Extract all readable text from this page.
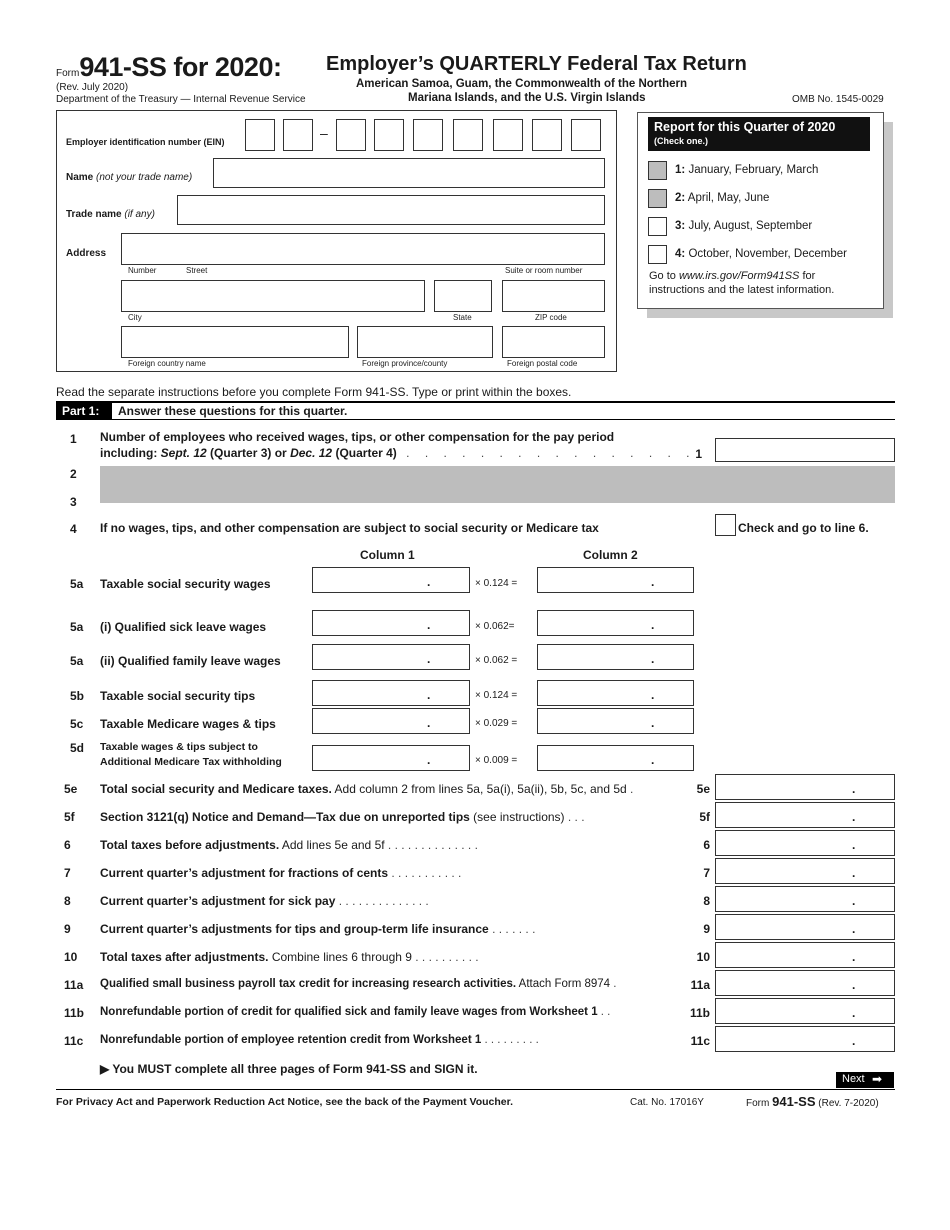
Form941-SS for 2020:
(Rev. July 2020)
Department of the Treasury — Internal Revenue Service
Employer’s QUARTERLY Federal Tax Return
American Samoa, Guam, the Commonwealth of the Northern
Mariana Islands, and the U.S. Virgin Islands	OMB No. 1545-0029
Employer identification number (EIN)
–
Name (not your trade name)
Trade name (if any)
Address
Number	Street	Suite or room number
City	State	ZIP code
Foreign country name	Foreign province/county	Foreign postal code
Report for this Quarter of 2020
(Check one.)
1: January, February, March
2: April, May, June
3: July, August, September
4: October, November, December
Go to www.irs.gov/Form941SS for
instructions and the latest information.
Read the separate instructions before you complete Form 941-SS. Type or print within the boxes.
Part 1: Answer these questions for this quarter.
1 Number of employees who received wages, tips, or other compensation for the pay period
including: Sept. 12 (Quarter 3) or Dec. 12 (Quarter 4) . . . . . . . . . . . . . . . . 1
2
3
4 If no wages, tips, and other compensation are subject to social security or Medicare tax	Check and go to line 6.
Column 1	Column 2
5a Taxable social security wages	.	× 0.124 =	.
5a (i) Qualified sick leave wages	.	× 0.062=	.
5a (ii) Qualified family leave wages	.	× 0.062 =	.
5b Taxable social security tips	.	× 0.124 =	.
5c Taxable Medicare wages & tips	.	× 0.029 =	.
5d Taxable wages & tips subject to
Additional Medicare Tax withholding	.	× 0.009 =	.
5e Total social security and Medicare taxes. Add column 2 from lines 5a, 5a(i), 5a(ii), 5b, 5c, and 5d .	5e	.
5f Section 3121(q) Notice and Demand—Tax due on unreported tips (see instructions) . . .	5f	.
6 Total taxes before adjustments. Add lines 5e and 5f . . . . . . . . . . . . . .	6	.
7 Current quarter’s adjustment for fractions of cents . . . . . . . . . . .	7	.
8 Current quarter’s adjustment for sick pay . . . . . . . . . . . . . .	8	.
9 Current quarter’s adjustments for tips and group-term life insurance . . . . . . .	9	.
10 Total taxes after adjustments. Combine lines 6 through 9 . . . . . . . . . .	10	.
11a Qualified small business payroll tax credit for increasing research activities. Attach Form 8974 .	11a	.
11b Nonrefundable portion of credit for qualified sick and family leave wages from Worksheet 1 . .	11b	.
11c Nonrefundable portion of employee retention credit from Worksheet 1 . . . . . . . . .	11c	.
▶ You MUST complete all three pages of Form 941-SS and SIGN it.
Next ➡
For Privacy Act and Paperwork Reduction Act Notice, see the back of the Payment Voucher.	Cat. No. 17016Y	Form 941-SS (Rev. 7-2020)
